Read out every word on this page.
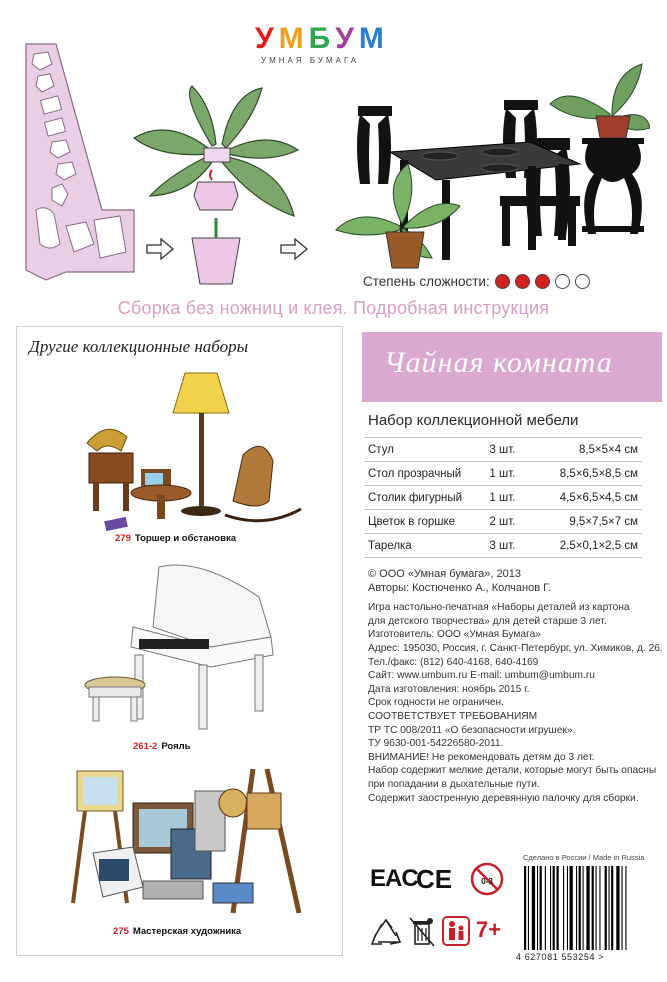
У М Б У М
УМНАЯ БУМАГА
Степень сложности:
Сборка без ножниц и клея. Подробная инструкция
Другие коллекционные наборы
279 Торшер и обстановка
261-2 Рояль
275 Мастерская художника
Чайная комната
Набор коллекционной мебели
Стул	3 шт.	8,5×5×4 см
Стол прозрачный	1 шт.	8,5×6,5×8,5 см
Столик фигурный	1 шт.	4,5×6,5×4,5 см
Цветок в горшке	2 шт.	9,5×7,5×7 см
Тарелка	3 шт.	2,5×0,1×2,5 см
© ООО «Умная бумага», 2013
Авторы: Костюченко А., Колчанов Г.
Игра настольно-печатная «Наборы деталей из картона
для детского творчества» для детей старше 3 лет.
Изготовитель: ООО «Умная Бумага»
Адрес: 195030, Россия, г. Санкт-Петербург, ул. Химиков, д. 26.
Тел./факс: (812) 640-4168, 640-4169
Сайт: www.umbum.ru E-mail: umbum@umbum.ru
Дата изготовления: ноябрь 2015 г.
Срок годности не ограничен.
СООТВЕТСТВУЕТ ТРЕБОВАНИЯМ
ТР ТС 008/2011 «О безопасности игрушек».
ТУ 9630-001-54226580-2011.
ВНИМАНИЕ! Не рекомендовать детям до 3 лет.
Набор содержит мелкие детали, которые могут быть опасны
при попадании в дыхательные пути.
Содержит заостренную деревянную палочку для сборки.
EAC
CE	0-3
7+
Сделано в России / Made in Russia
4 627081 553254 >
